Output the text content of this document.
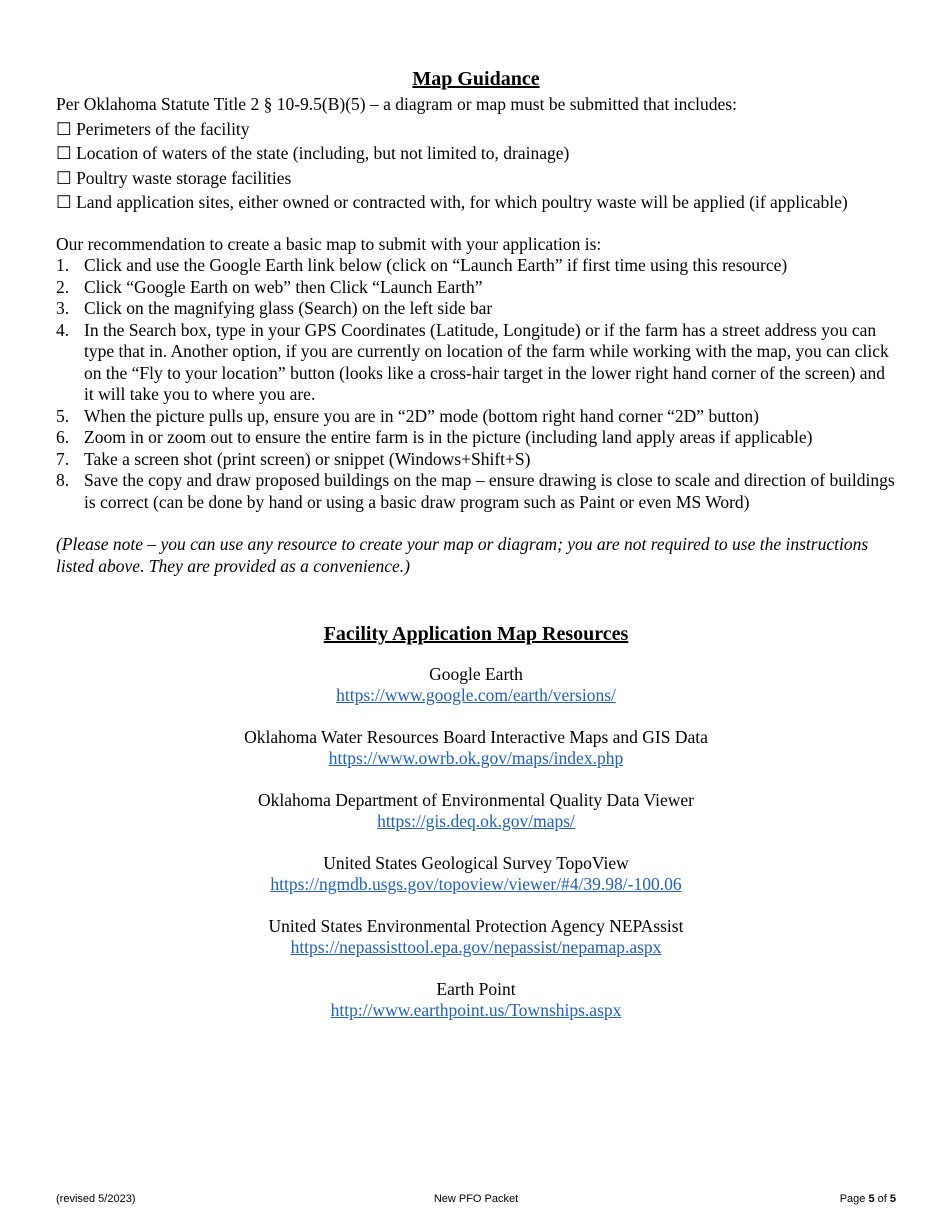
Map Guidance

Per Oklahoma Statute Title 2 § 10-9.5(B)(5) – a diagram or map must be submitted that includes:

☐ Perimeters of the facility

☐ Location of waters of the state (including, but not limited to, drainage)

☐ Poultry waste storage facilities

☐ Land application sites, either owned or contracted with, for which poultry waste will be applied (if applicable)

Our recommendation to create a basic map to submit with your application is:

1. Click and use the Google Earth link below (click on “Launch Earth” if first time using this resource)
2. Click “Google Earth on web” then Click “Launch Earth”
3. Click on the magnifying glass (Search) on the left side bar
4. In the Search box, type in your GPS Coordinates (Latitude, Longitude) or if the farm has a street address you can type that in. Another option, if you are currently on location of the farm while working with the map, you can click on the “Fly to your location” button (looks like a cross-hair target in the lower right hand corner of the screen) and it will take you to where you are.
5. When the picture pulls up, ensure you are in “2D” mode (bottom right hand corner “2D” button)
6. Zoom in or zoom out to ensure the entire farm is in the picture (including land apply areas if applicable)
7. Take a screen shot (print screen) or snippet (Windows+Shift+S)
8. Save the copy and draw proposed buildings on the map – ensure drawing is close to scale and direction of buildings is correct (can be done by hand or using a basic draw program such as Paint or even MS Word)

(Please note – you can use any resource to create your map or diagram; you are not required to use the instructions listed above. They are provided as a convenience.)

Facility Application Map Resources
Google Earth
https://www.google.com/earth/versions/
Oklahoma Water Resources Board Interactive Maps and GIS Data
https://www.owrb.ok.gov/maps/index.php
Oklahoma Department of Environmental Quality Data Viewer
https://gis.deq.ok.gov/maps/
United States Geological Survey TopoView
https://ngmdb.usgs.gov/topoview/viewer/#4/39.98/-100.06
United States Environmental Protection Agency NEPAssist
https://nepassisttool.epa.gov/nepassist/nepamap.aspx
Earth Point
http://www.earthpoint.us/Townships.aspx
(revised 5/2023)	New PFO Packet	Page 5 of 5
